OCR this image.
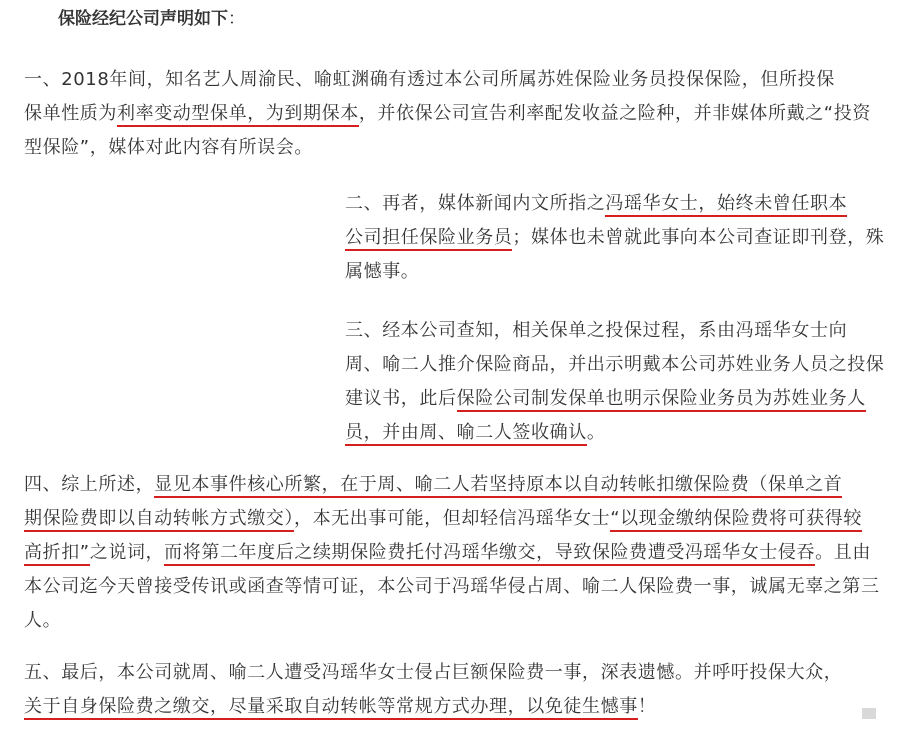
保险经纪公司声明如下：
一、2018年间，知名艺人周渝民、喻虹渊确有透过本公司所属苏姓保险业务员投保保险，但所投保
保单性质为利率变动型保单，为到期保本，并依保公司宣告利率配发收益之险种，并非媒体所戴之“投资
型保险”，媒体对此内容有所误会。
二、再者，媒体新闻内文所指之冯瑶华女士，始终未曾任职本
公司担任保险业务员；媒体也未曾就此事向本公司查证即刊登，殊
属憾事。
三、经本公司查知，相关保单之投保过程，系由冯瑶华女士向
周、喻二人推介保险商品，并出示明戴本公司苏姓业务人员之投保
建议书，此后保险公司制发保单也明示保险业务员为苏姓业务人
员，并由周、喻二人签收确认。
四、综上所述，显见本事件核心所繁，在于周、喻二人若坚持原本以自动转帐扣缴保险费（保单之首
期保险费即以自动转帐方式缴交），本无出事可能，但却轻信冯瑶华女士“以现金缴纳保险费将可获得较
高折扣”之说词，而将第二年度后之续期保险费托付冯瑶华缴交，导致保险费遭受冯瑶华女士侵吞。且由
本公司迄今天曾接受传讯或函查等情可证，本公司于冯瑶华侵占周、喻二人保险费一事，诚属无辜之第三
人。
五、最后，本公司就周、喻二人遭受冯瑶华女士侵占巨额保险费一事，深表遗憾。并呼吁投保大众，
关于自身保险费之缴交，尽量采取自动转帐等常规方式办理，以免徒生憾事！
